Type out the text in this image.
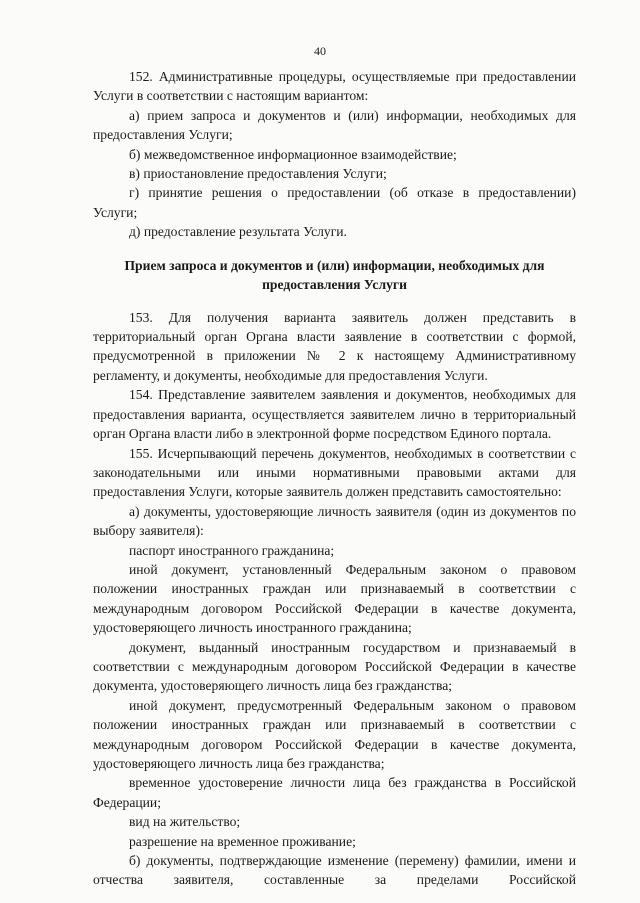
40

152. Административные процедуры, осуществляемые при предоставлении Услуги в соответствии с настоящим вариантом:

а) прием запроса и документов и (или) информации, необходимых для предоставления Услуги;

б) межведомственное информационное взаимодействие;

в) приостановление предоставления Услуги;

г) принятие решения о предоставлении (об отказе в предоставлении) Услуги;

д) предоставление результата Услуги.

Прием запроса и документов и (или) информации, необходимых для предоставления Услуги

153. Для получения варианта заявитель должен представить в территориальный орган Органа власти заявление в соответствии с формой, предусмотренной в приложении № 2 к настоящему Административному регламенту, и документы, необходимые для предоставления Услуги.

154. Представление заявителем заявления и документов, необходимых для предоставления варианта, осуществляется заявителем лично в территориальный орган Органа власти либо в электронной форме посредством Единого портала.

155. Исчерпывающий перечень документов, необходимых в соответствии с законодательными или иными нормативными правовыми актами для предоставления Услуги, которые заявитель должен представить самостоятельно:

а) документы, удостоверяющие личность заявителя (один из документов по выбору заявителя):

паспорт иностранного гражданина;

иной документ, установленный Федеральным законом о правовом положении иностранных граждан или признаваемый в соответствии с международным договором Российской Федерации в качестве документа, удостоверяющего личность иностранного гражданина;

документ, выданный иностранным государством и признаваемый в соответствии с международным договором Российской Федерации в качестве документа, удостоверяющего личность лица без гражданства;

иной документ, предусмотренный Федеральным законом о правовом положении иностранных граждан или признаваемый в соответствии с международным договором Российской Федерации в качестве документа, удостоверяющего личность лица без гражданства;

временное удостоверение личности лица без гражданства в Российской Федерации;

вид на жительство;

разрешение на временное проживание;

б) документы, подтверждающие изменение (перемену) фамилии, имени и отчества заявителя, составленные за пределами Российской
